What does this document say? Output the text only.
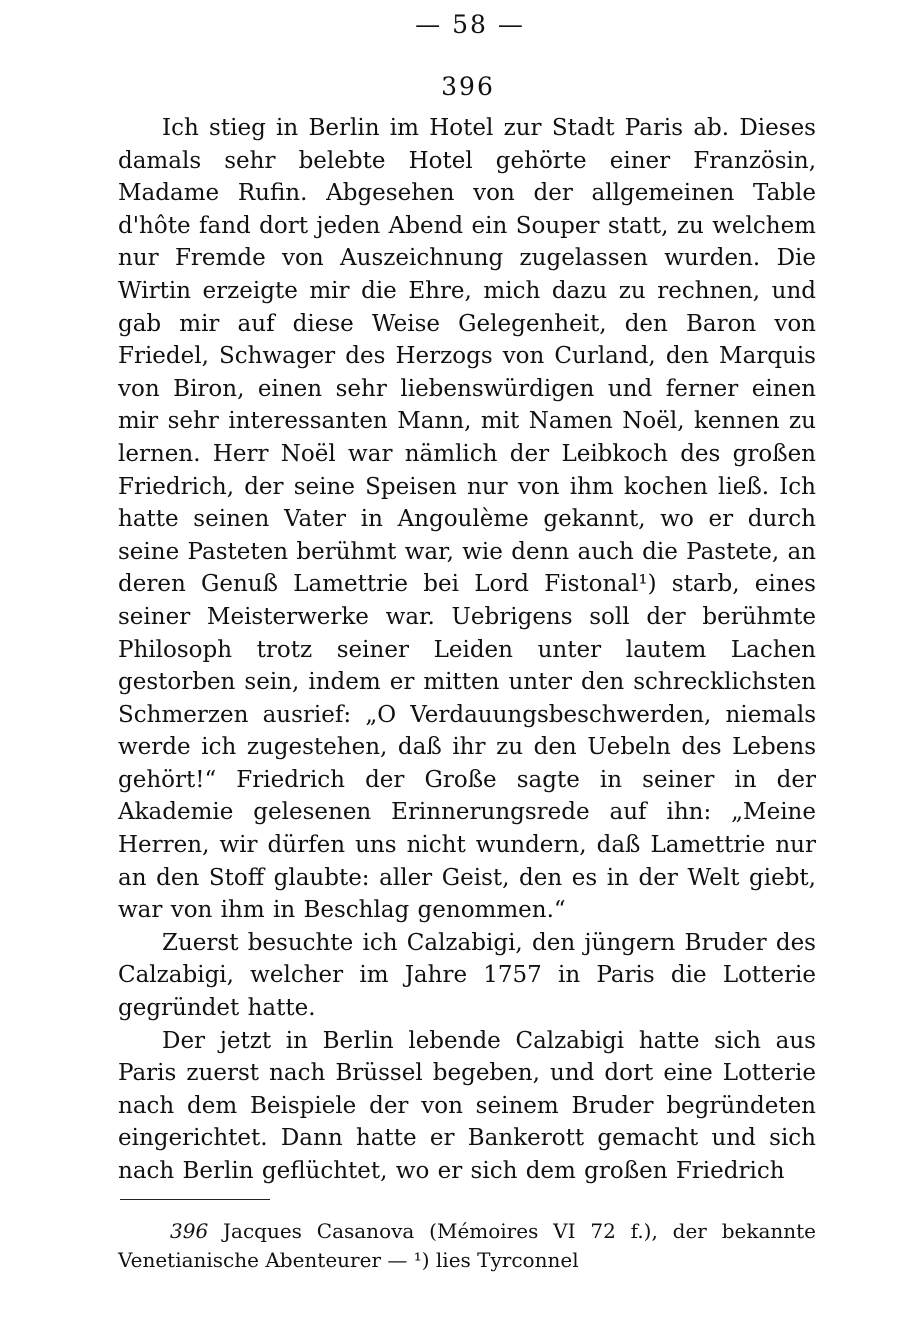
— 58 —
396

Ich stieg in Berlin im Hotel zur Stadt Paris ab. Dieses damals sehr belebte Hotel gehörte einer Französin, Madame Rufin. Abgesehen von der allgemeinen Table d'hôte fand dort jeden Abend ein Souper statt, zu welchem nur Fremde von Auszeichnung zugelassen wurden. Die Wirtin erzeigte mir die Ehre, mich dazu zu rechnen, und gab mir auf diese Weise Gelegenheit, den Baron von Friedel, Schwager des Herzogs von Curland, den Marquis von Biron, einen sehr liebenswürdigen und ferner einen mir sehr interessanten Mann, mit Namen Noël, kennen zu lernen. Herr Noël war nämlich der Leibkoch des großen Friedrich, der seine Speisen nur von ihm kochen ließ. Ich hatte seinen Vater in Angoulème gekannt, wo er durch seine Pasteten berühmt war, wie denn auch die Pastete, an deren Genuß Lamettrie bei Lord Fistonal¹) starb, eines seiner Meisterwerke war. Uebrigens soll der berühmte Philosoph trotz seiner Leiden unter lautem Lachen gestorben sein, indem er mitten unter den schrecklichsten Schmerzen ausrief: „O Verdauungsbeschwerden, niemals werde ich zugestehen, daß ihr zu den Uebeln des Lebens gehört!“ Friedrich der Große sagte in seiner in der Akademie gelesenen Erinnerungsrede auf ihn: „Meine Herren, wir dürfen uns nicht wundern, daß Lamettrie nur an den Stoff glaubte: aller Geist, den es in der Welt giebt, war von ihm in Beschlag genommen.“

Zuerst besuchte ich Calzabigi, den jüngern Bruder des Calzabigi, welcher im Jahre 1757 in Paris die Lotterie gegründet hatte.

Der jetzt in Berlin lebende Calzabigi hatte sich aus Paris zuerst nach Brüssel begeben, und dort eine Lotterie nach dem Beispiele der von seinem Bruder begründeten eingerichtet. Dann hatte er Bankerott gemacht und sich nach Berlin geflüchtet, wo er sich dem großen Friedrich

396 Jacques Casanova (Mémoires VI 72 f.), der bekannte Venetianische Abenteurer — ¹) lies Tyrconnel
